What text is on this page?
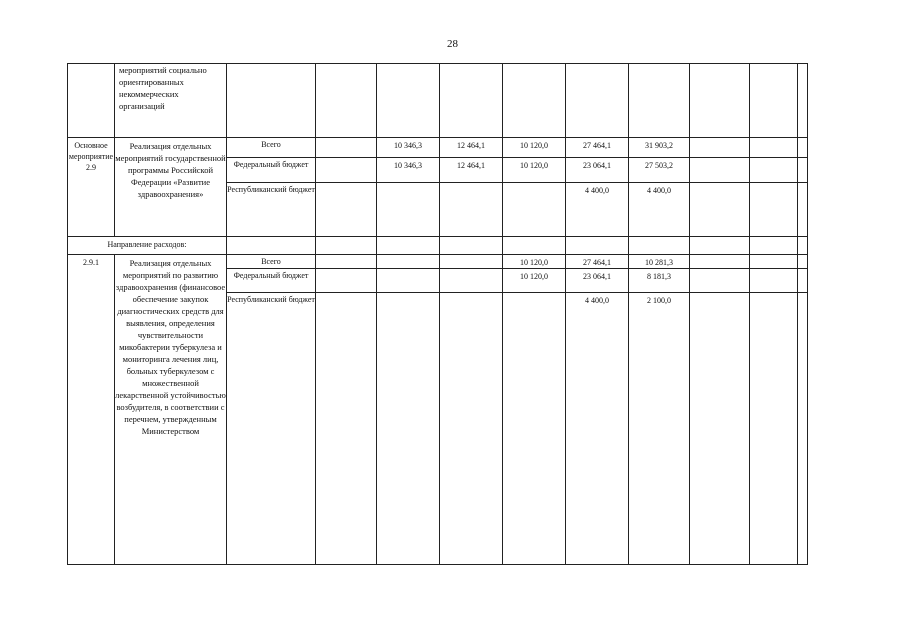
28
	мероприятий социально ориентированных некоммерческих организаций										
Основное мероприятие 2.9	Реализация отдельных мероприятий государственной программы Российской Федерации «Развитие здравоохранения»	Всего		10 346,3	12 464,1	10 120,0	27 464,1	31 903,2			
		Федеральный бюджет		10 346,3	12 464,1	10 120,0	23 064,1	27 503,2			
		Республиканский бюджет					4 400,0	4 400,0			
Направление расходов:											
2.9.1	Реализация отдельных мероприятий по развитию здравоохранения (финансовое обеспечение закупок диагностических средств для выявления, определения чувствительности микобактерии туберкулеза и мониторинга лечения лиц, больных туберкулезом с множественной лекарственной устойчивостью возбудителя, в соответствии с перечнем, утвержденным Министерством	Всего				10 120,0	27 464,1	10 281,3			
		Федеральный бюджет				10 120,0	23 064,1	8 181,3			
		Республиканский бюджет					4 400,0	2 100,0			
